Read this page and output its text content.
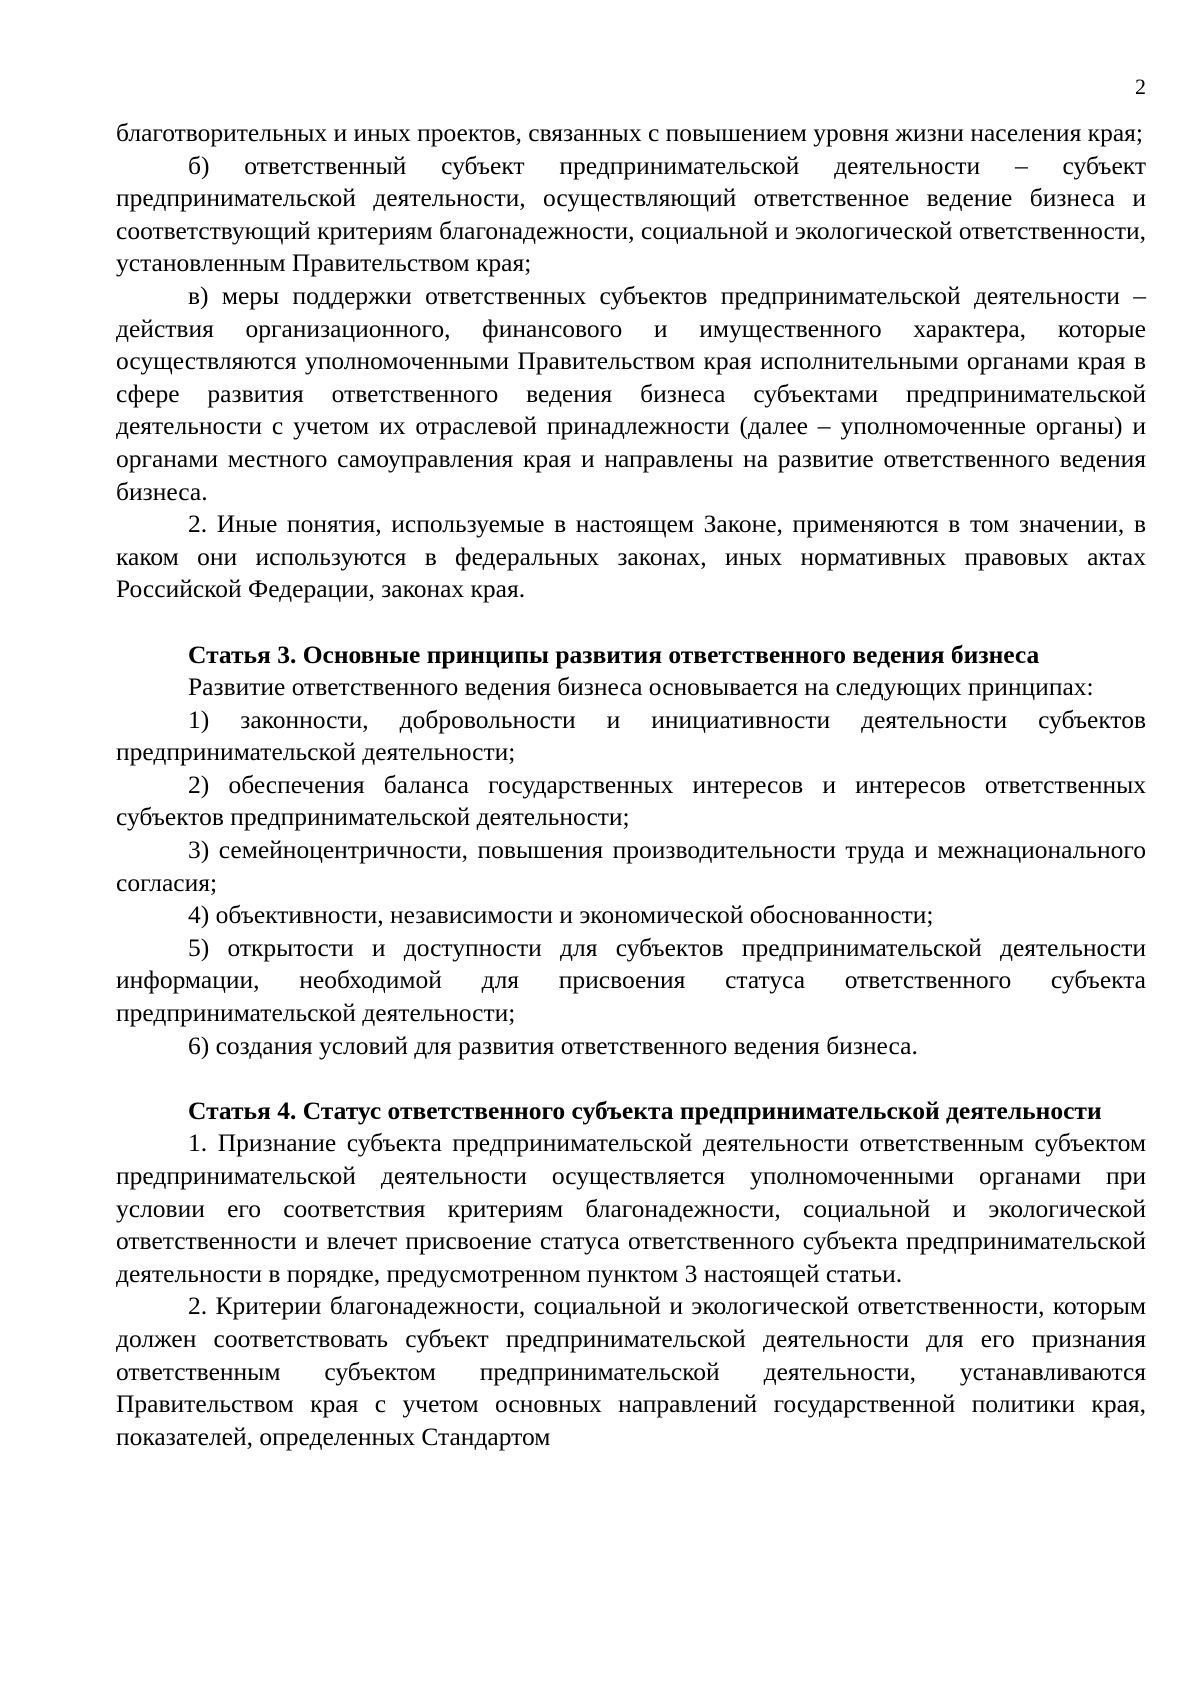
2

благотворительных и иных проектов, связанных с повышением уровня жизни населения края;

б) ответственный субъект предпринимательской деятельности – субъект предпринимательской деятельности, осуществляющий ответственное ведение бизнеса и соответствующий критериям благонадежности, социальной и экологической ответственности, установленным Правительством края;

в) меры поддержки ответственных субъектов предпринимательской деятельности – действия организационного, финансового и имущественного характера, которые осуществляются уполномоченными Правительством края исполнительными органами края в сфере развития ответственного ведения бизнеса субъектами предпринимательской деятельности с учетом их отраслевой принадлежности (далее – уполномоченные органы) и органами местного самоуправления края и направлены на развитие ответственного ведения бизнеса.

2. Иные понятия, используемые в настоящем Законе, применяются в том значении, в каком они используются в федеральных законах, иных нормативных правовых актах Российской Федерации, законах края.

Статья 3. Основные принципы развития ответственного ведения бизнеса

Развитие ответственного ведения бизнеса основывается на следующих принципах:

1) законности, добровольности и инициативности деятельности субъектов предпринимательской деятельности;

2) обеспечения баланса государственных интересов и интересов ответственных субъектов предпринимательской деятельности;

3) семейноцентричности, повышения производительности труда и межнационального согласия;

4) объективности, независимости и экономической обоснованности;

5) открытости и доступности для субъектов предпринимательской деятельности информации, необходимой для присвоения статуса ответственного субъекта предпринимательской деятельности;

6) создания условий для развития ответственного ведения бизнеса.

Статья 4. Статус ответственного субъекта предпринимательской деятельности

1. Признание субъекта предпринимательской деятельности ответственным субъектом предпринимательской деятельности осуществляется уполномоченными органами при условии его соответствия критериям благонадежности, социальной и экологической ответственности и влечет присвоение статуса ответственного субъекта предпринимательской деятельности в порядке, предусмотренном пунктом 3 настоящей статьи.

2. Критерии благонадежности, социальной и экологической ответственности, которым должен соответствовать субъект предпринимательской деятельности для его признания ответственным субъектом предпринимательской деятельности, устанавливаются Правительством края с учетом основных направлений государственной политики края, показателей, определенных Стандартом
